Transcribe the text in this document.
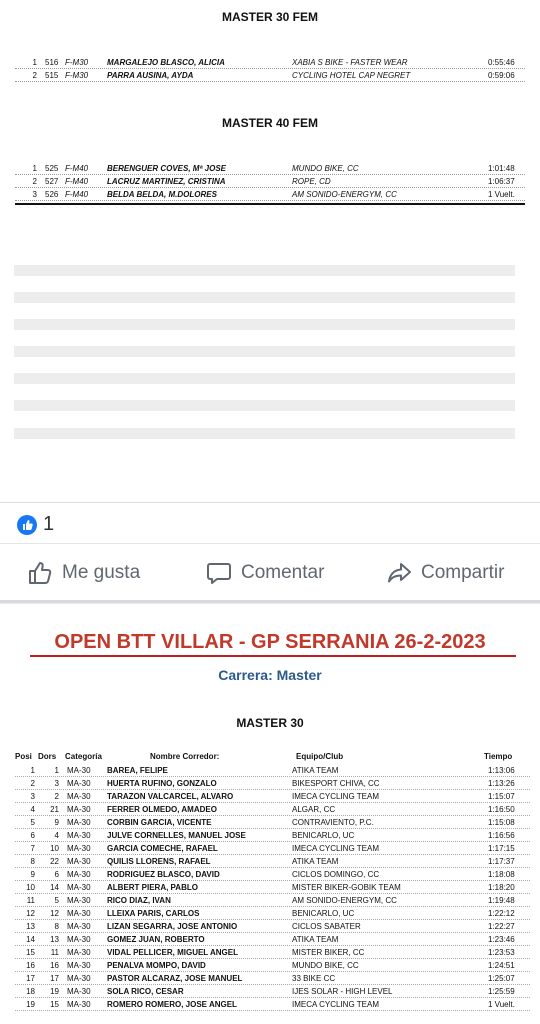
MASTER 30 FEM
1 516 F-M30 MARGALEJO BLASCO, ALICIA	XABIA S BIKE - FASTER WEAR	0:55:46
2 515 F-M30 PARRA AUSINA, AYDA	CYCLING HOTEL CAP NEGRET	0:59:06
MASTER 40 FEM
1 525 F-M40 BERENGUER COVES, Mª JOSE	MUNDO BIKE, CC	1:01:48
2 527 F-M40 LACRUZ MARTINEZ, CRISTINA	ROPE, CD	1:06:37
3 526 F-M40 BELDA BELDA, M.DOLORES	AM SONIDO-ENERGYM, CC	1 Vuelt.
1
Me gusta	Comentar	Compartir
OPEN BTT VILLAR - GP SERRANIA 26-2-2023
Carrera: Master
MASTER 30
Posi Dors Categoría	Nombre Corredor:	Equipo/Club	Tiempo
1	1 MA-30 BAREA, FELIPE	ATIKA TEAM	1:13:06
2	3 MA-30 HUERTA RUFINO, GONZALO	BIKESPORT CHIVA, CC	1:13:26
3	2 MA-30 TARAZON VALCARCEL, ALVARO	IMECA CYCLING TEAM	1:15:07
4	21 MA-30 FERRER OLMEDO, AMADEO	ALGAR, CC	1:16:50
5	9 MA-30 CORBIN GARCIA, VICENTE	CONTRAVIENTO, P.C.	1:15:08
6	4 MA-30 JULVE CORNELLES, MANUEL JOSE	BENICARLO, UC	1:16:56
7	10 MA-30 GARCIA COMECHE, RAFAEL	IMECA CYCLING TEAM	1:17:15
8	22 MA-30 QUILIS LLORENS, RAFAEL	ATIKA TEAM	1:17:37
9	6 MA-30 RODRIGUEZ BLASCO, DAVID	CICLOS DOMINGO, CC	1:18:08
10	14 MA-30 ALBERT PIERA, PABLO	MISTER BIKER-GOBIK TEAM	1:18:20
11	5 MA-30 RICO DIAZ, IVAN	AM SONIDO-ENERGYM, CC	1:19:48
12	12 MA-30 LLEIXA PARIS, CARLOS	BENICARLO, UC	1:22:12
13	8 MA-30 LIZAN SEGARRA, JOSE ANTONIO	CICLOS SABATER	1:22:27
14	13 MA-30 GOMEZ JUAN, ROBERTO	ATIKA TEAM	1:23:46
15	11 MA-30 VIDAL PELLICER, MIGUEL ANGEL	MISTER BIKER, CC	1:23:53
16	16 MA-30 PENALVA MOMPO, DAVID	MUNDO BIKE, CC	1:24:51
17	17 MA-30 PASTOR ALCARAZ, JOSE MANUEL	33 BIKE CC	1:25:07
18	19 MA-30 SOLA RICO, CESAR	IJES SOLAR - HIGH LEVEL	1:25:59
19	15 MA-30 ROMERO ROMERO, JOSE ANGEL	IMECA CYCLING TEAM	1 Vuelt.
